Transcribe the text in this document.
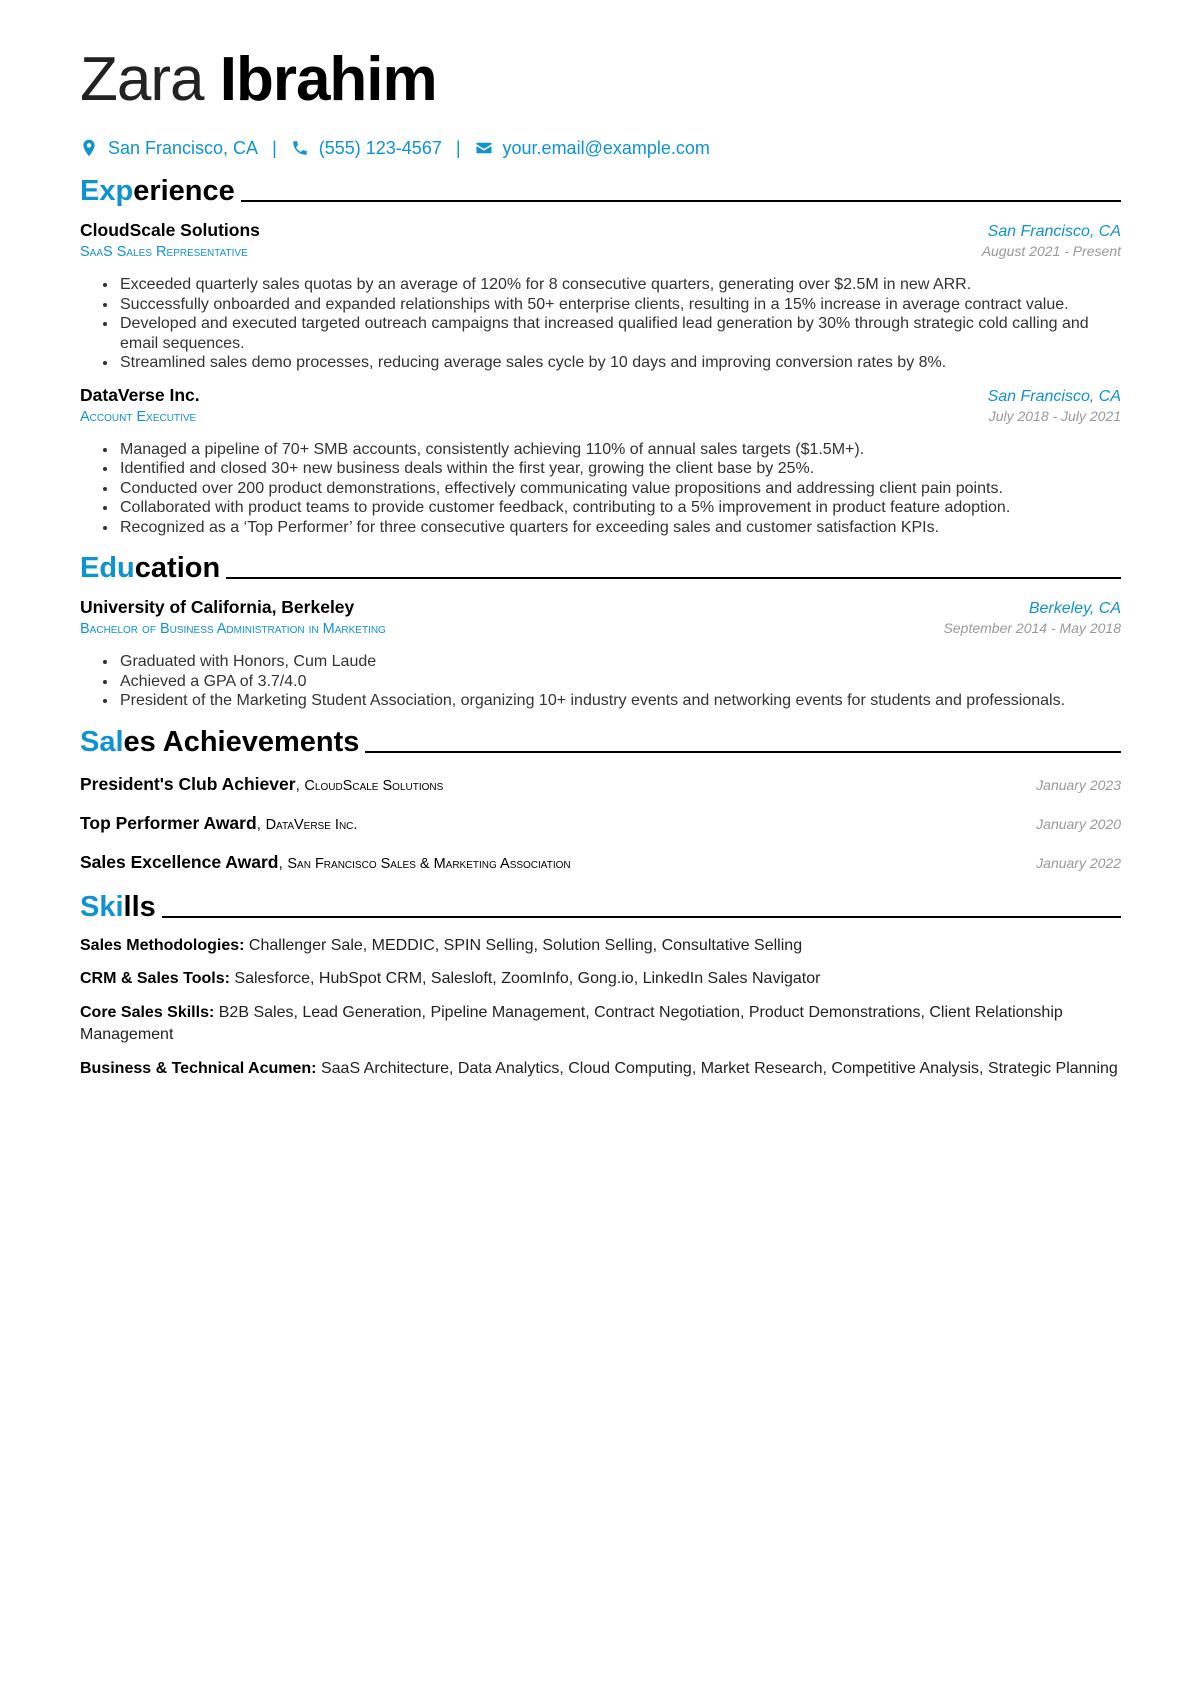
Zara Ibrahim
San Francisco, CA | (555) 123-4567 | your.email@example.com
Experience
CloudScale Solutions	San Francisco, CA
SaaS Sales Representative	August 2021 - Present
• Exceeded quarterly sales quotas by an average of 120% for 8 consecutive quarters, generating over $2.5M in new ARR.
• Successfully onboarded and expanded relationships with 50+ enterprise clients, resulting in a 15% increase in average contract value.
• Developed and executed targeted outreach campaigns that increased qualified lead generation by 30% through strategic cold calling and email sequences.
• Streamlined sales demo processes, reducing average sales cycle by 10 days and improving conversion rates by 8%.
DataVerse Inc.	San Francisco, CA
Account Executive	July 2018 - July 2021
• Managed a pipeline of 70+ SMB accounts, consistently achieving 110% of annual sales targets ($1.5M+).
• Identified and closed 30+ new business deals within the first year, growing the client base by 25%.
• Conducted over 200 product demonstrations, effectively communicating value propositions and addressing client pain points.
• Collaborated with product teams to provide customer feedback, contributing to a 5% improvement in product feature adoption.
• Recognized as a ‘Top Performer’ for three consecutive quarters for exceeding sales and customer satisfaction KPIs.
Education
University of California, Berkeley	Berkeley, CA
Bachelor of Business Administration in Marketing	September 2014 - May 2018
• Graduated with Honors, Cum Laude
• Achieved a GPA of 3.7/4.0
• President of the Marketing Student Association, organizing 10+ industry events and networking events for students and professionals.
Sales Achievements
President's Club Achiever, CloudScale Solutions	January 2023
Top Performer Award, DataVerse Inc.	January 2020
Sales Excellence Award, San Francisco Sales & Marketing Association	January 2022
Skills
Sales Methodologies: Challenger Sale, MEDDIC, SPIN Selling, Solution Selling, Consultative Selling
CRM & Sales Tools: Salesforce, HubSpot CRM, Salesloft, ZoomInfo, Gong.io, LinkedIn Sales Navigator
Core Sales Skills: B2B Sales, Lead Generation, Pipeline Management, Contract Negotiation, Product Demonstrations, Client Relationship Management
Business & Technical Acumen: SaaS Architecture, Data Analytics, Cloud Computing, Market Research, Competitive Analysis, Strategic Planning
